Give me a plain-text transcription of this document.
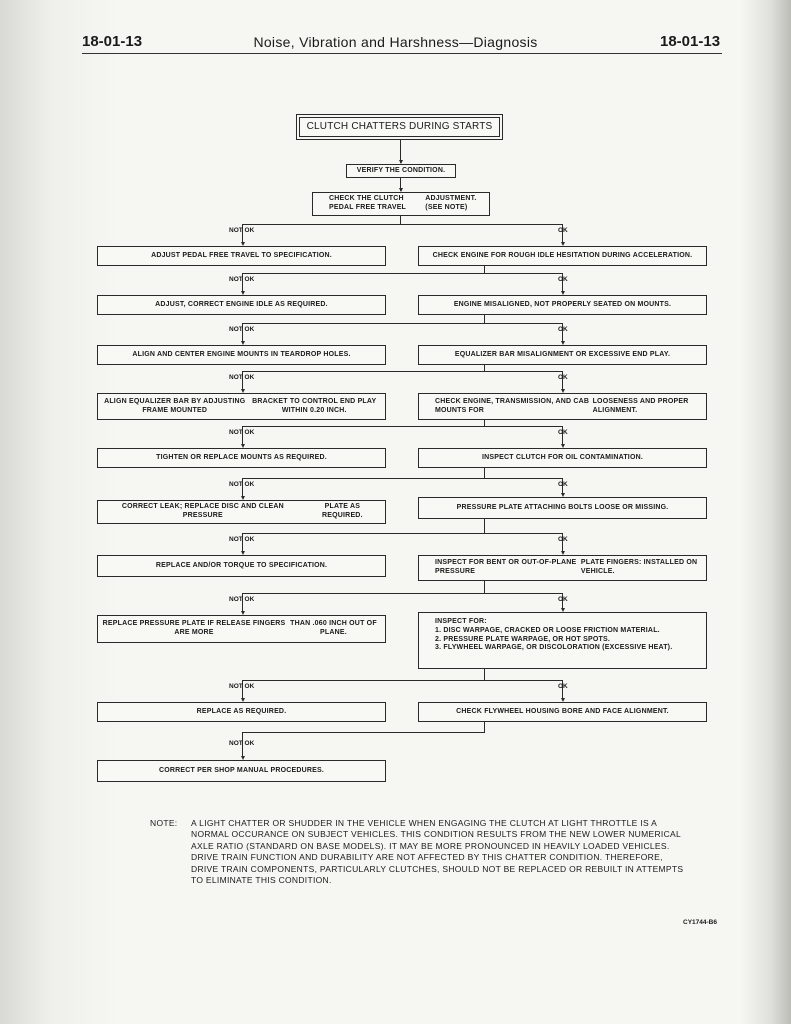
18-01-13	Noise, Vibration and Harshness—Diagnosis	18-01-13
CLUTCH CHATTERS DURING STARTS
VERIFY THE CONDITION.
CHECK THE CLUTCH PEDAL FREE TRAVEL
ADJUSTMENT. (SEE NOTE)
NOT OK	OK
ADJUST PEDAL FREE TRAVEL TO SPECIFICATION.	CHECK ENGINE FOR ROUGH IDLE HESITATION DURING ACCELERATION.
NOT OK	OK
ADJUST, CORRECT ENGINE IDLE AS REQUIRED.	ENGINE MISALIGNED, NOT PROPERLY SEATED ON MOUNTS.
NOT OK	OK
ALIGN AND CENTER ENGINE MOUNTS IN TEARDROP HOLES.	EQUALIZER BAR MISALIGNMENT OR EXCESSIVE END PLAY.
NOT OK	OK
ALIGN EQUALIZER BAR BY ADJUSTING FRAME MOUNTED
BRACKET TO CONTROL END PLAY WITHIN 0.20 INCH.
CHECK ENGINE, TRANSMISSION, AND CAB MOUNTS FOR
LOOSENESS AND PROPER ALIGNMENT.
NOT OK	OK
TIGHTEN OR REPLACE MOUNTS AS REQUIRED.	INSPECT CLUTCH FOR OIL CONTAMINATION.
NOT OK	OK
CORRECT LEAK; REPLACE DISC AND CLEAN PRESSURE
PLATE AS REQUIRED.
PRESSURE PLATE ATTACHING BOLTS LOOSE OR MISSING.
NOT OK	OK
REPLACE AND/OR TORQUE TO SPECIFICATION.	INSPECT FOR BENT OR OUT-OF-PLANE PRESSURE
PLATE FINGERS: INSTALLED ON VEHICLE.
NOT OK	OK
REPLACE PRESSURE PLATE IF RELEASE FINGERS ARE MORE
THAN .060 INCH OUT OF PLANE.
INSPECT FOR:
1. DISC WARPAGE, CRACKED OR LOOSE FRICTION MATERIAL.
2. PRESSURE PLATE WARPAGE, OR HOT SPOTS.
3. FLYWHEEL WARPAGE, OR DISCOLORATION (EXCESSIVE HEAT).
NOT OK	OK
REPLACE AS REQUIRED.	CHECK FLYWHEEL HOUSING BORE AND FACE ALIGNMENT.
NOT OK
CORRECT PER SHOP MANUAL PROCEDURES.
NOTE: A LIGHT CHATTER OR SHUDDER IN THE VEHICLE WHEN ENGAGING THE CLUTCH AT LIGHT THROTTLE IS A
NORMAL OCCURANCE ON SUBJECT VEHICLES. THIS CONDITION RESULTS FROM THE NEW LOWER NUMERICAL
AXLE RATIO (STANDARD ON BASE MODELS). IT MAY BE MORE PRONOUNCED IN HEAVILY LOADED VEHICLES.
DRIVE TRAIN FUNCTION AND DURABILITY ARE NOT AFFECTED BY THIS CHATTER CONDITION. THEREFORE,
DRIVE TRAIN COMPONENTS, PARTICULARLY CLUTCHES, SHOULD NOT BE REPLACED OR REBUILT IN ATTEMPTS
TO ELIMINATE THIS CONDITION.
CY1744-B6
